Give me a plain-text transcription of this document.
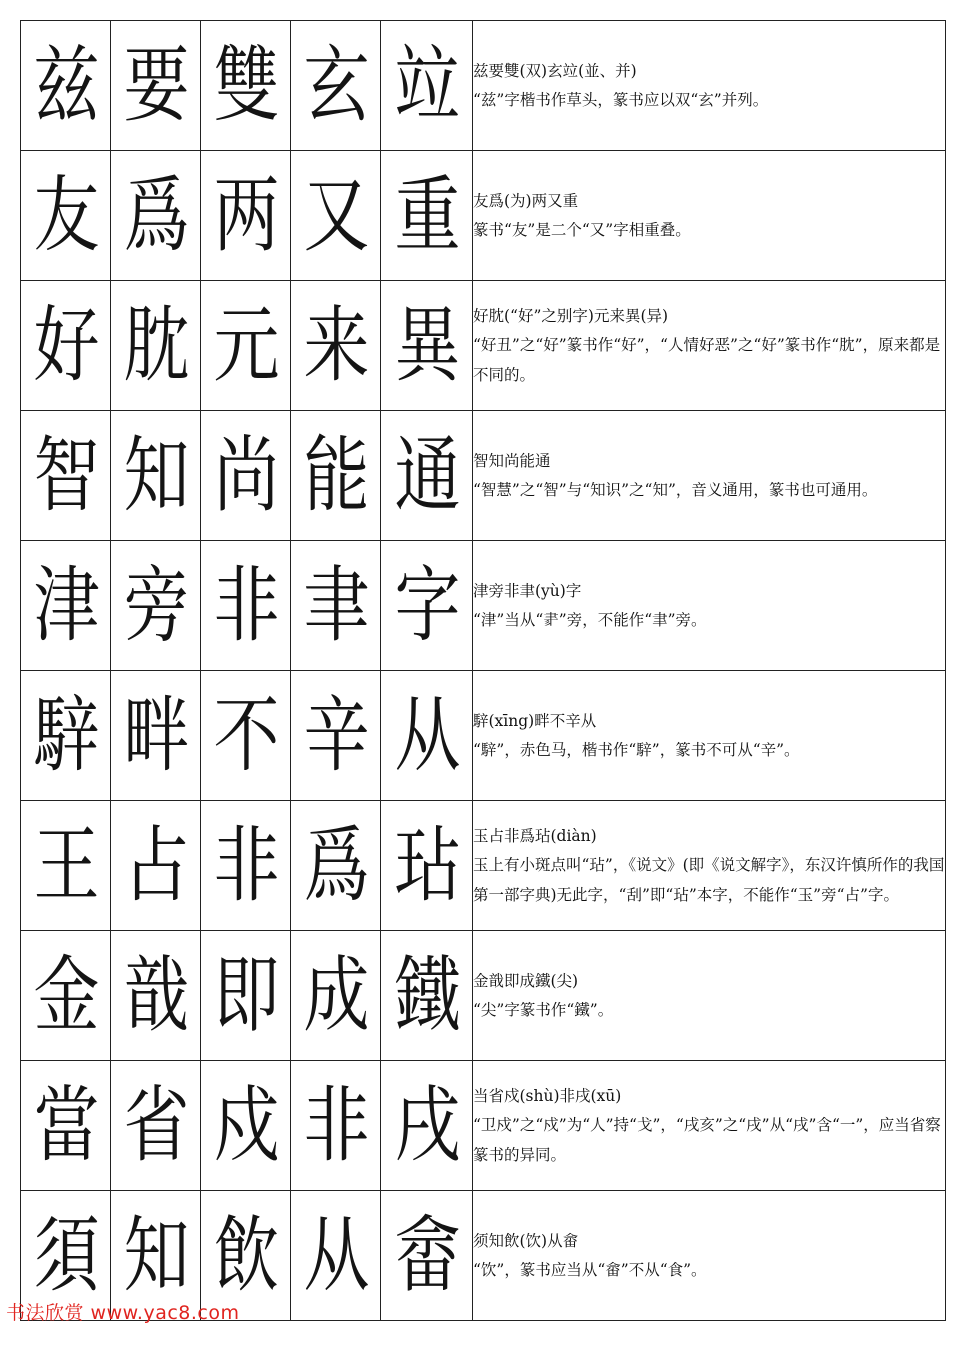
兹	要	雙	玄	竝	兹要雙(双)玄竝(並、并)
“兹”字楷书作草头，篆书应以双“玄”并列。

友	爲	两	又	重	友爲(为)两又重
篆书“友”是二个“又”字相重叠。

好	䏙	元	来	異	好䏙(“好”之别字)元来異(异)
“好丑”之“好”篆书作“好”，“人情好恶”之“好”篆书作“䏙”，原来都是不同的。

智	知	尚	能	通	智知尚能通
“智慧”之“智”与“知识”之“知”，音义通用，篆书也可通用。

津	旁	非	聿	字	津旁非聿(yù)字
“津”当从“𦘔”旁，不能作“聿”旁。

騂	畔	不	辛	从	騂(xīng)畔不辛从
“騂”，赤色马，楷书作“騂”，篆书不可从“辛”。

王	占	非	爲	玷	玉占非爲玷(diàn)
玉上有小斑点叫“玷”，《说文》(即《说文解字》，东汉许慎所作的我国第一部字典)无此字，“刮”即“玷”本字，不能作“玉”旁“占”字。

金	戠	即	成	鐵	金戠即成鐵(尖)
“尖”字篆书作“鐵”。

當	省	戍	非	戌	当省戍(shù)非戌(xū)
“卫戍”之“戍”为“人”持“戈”，“戌亥”之“戌”从“戌”含“一”，应当省察篆书的异同。

須	知	飲	从	畲	须知飲(饮)从畲
“饮”，篆书应当从“畲”不从“食”。
书法欣赏 www.yac8.com
